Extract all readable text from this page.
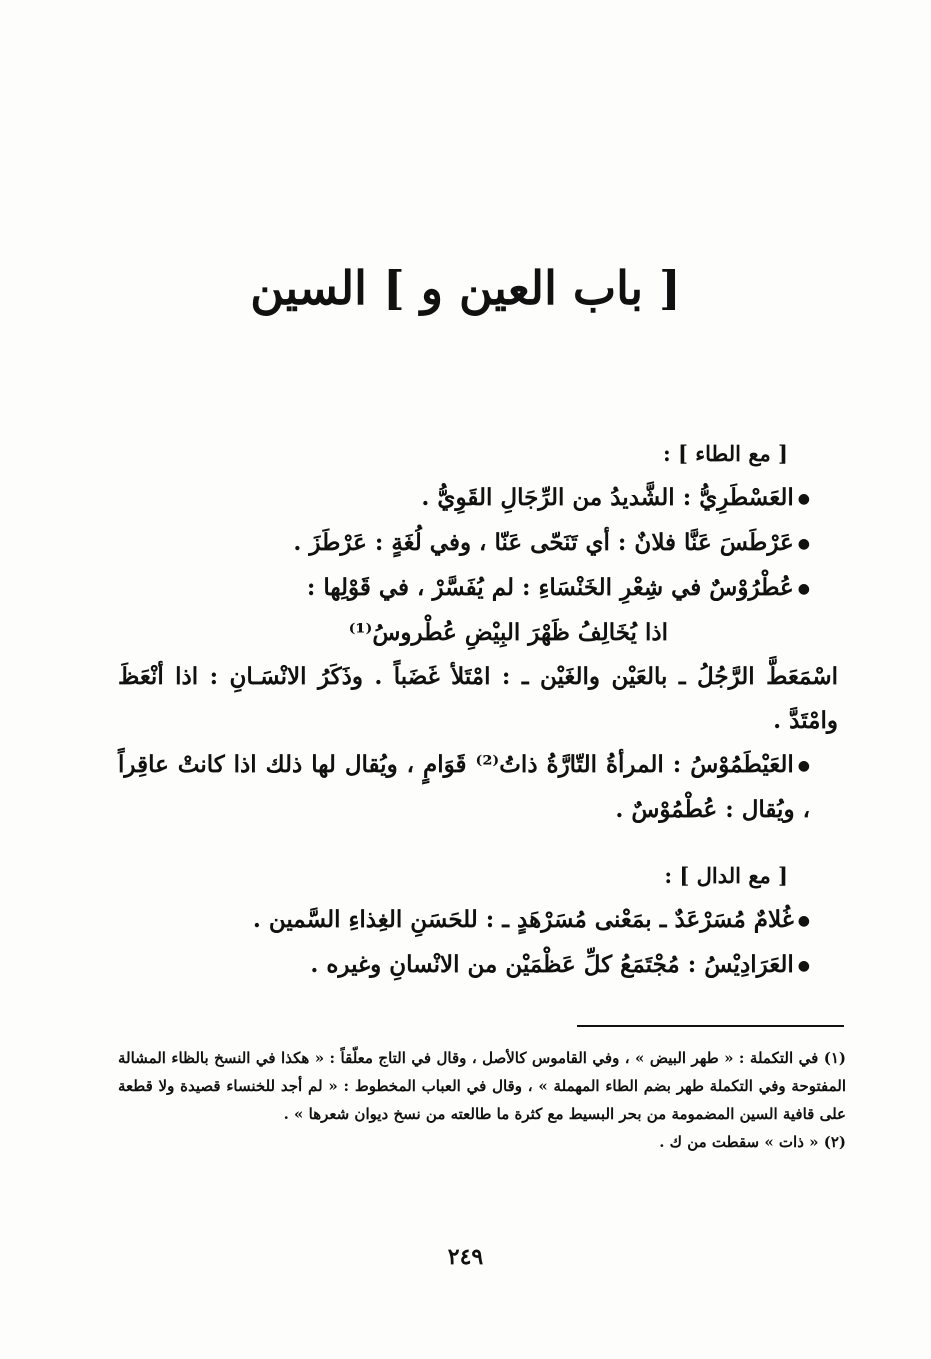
[ باب العين و ] السين

[ مع الطاء ] :

● العَسْطَرِيُّ : الشَّديدُ من الرِّجَالِ القَوِيُّ .

● عَرْطَسَ عَنَّا فلانٌ : أي تَنَحّى عَنّا ، وفي لُغَةٍ : عَرْطَزَ .

● عُطْرُوْسٌ في شِعْرِ الخَنْسَاءِ : لم يُفَسَّرْ ، في قَوْلِها :

اذا يُخَالِفُ ظَهْرَ البِيْضِ عُطْروسُ⁽¹⁾

اسْمَعَطَّ الرَّجُلُ ـ بالعَيْن والغَيْن ـ : امْتَلأ غَضَباً . وذَكَرُ الانْسَـانِ : اذا أنْعَظَ وامْتَدَّ .

● العَيْطَمُوْسُ : المرأةُ التّارَّةُ ذاتُ⁽²⁾ قَوَامٍ ، ويُقال لها ذلك اذا كانتْ عاقِراً ، ويُقال : عُطْمُوْسٌ .

[ مع الدال ] :

● غُلامٌ مُسَرْعَدٌ ـ بمَعْنى مُسَرْهَدٍ ـ : للحَسَنِ الغِذاءِ السَّمين .

● العَرَادِيْسُ : مُجْتَمَعُ كلِّ عَظْمَيْن من الانْسانِ وغيره .

(١) في التكملة : « طهر البيض » ، وفي القاموس كالأصل ، وقال في التاج معلّقاً : « هكذا في النسخ بالظاء المشالة المفتوحة وفي التكملة طهر بضم الطاء المهملة » ، وقال في العباب المخطوط : « لم أجد للخنساء قصيدة ولا قطعة على قافية السين المضمومة من بحر البسيط مع كثرة ما طالعته من نسخ ديوان شعرها » .

(٢) « ذات » سقطت من ك .

٢٤٩
